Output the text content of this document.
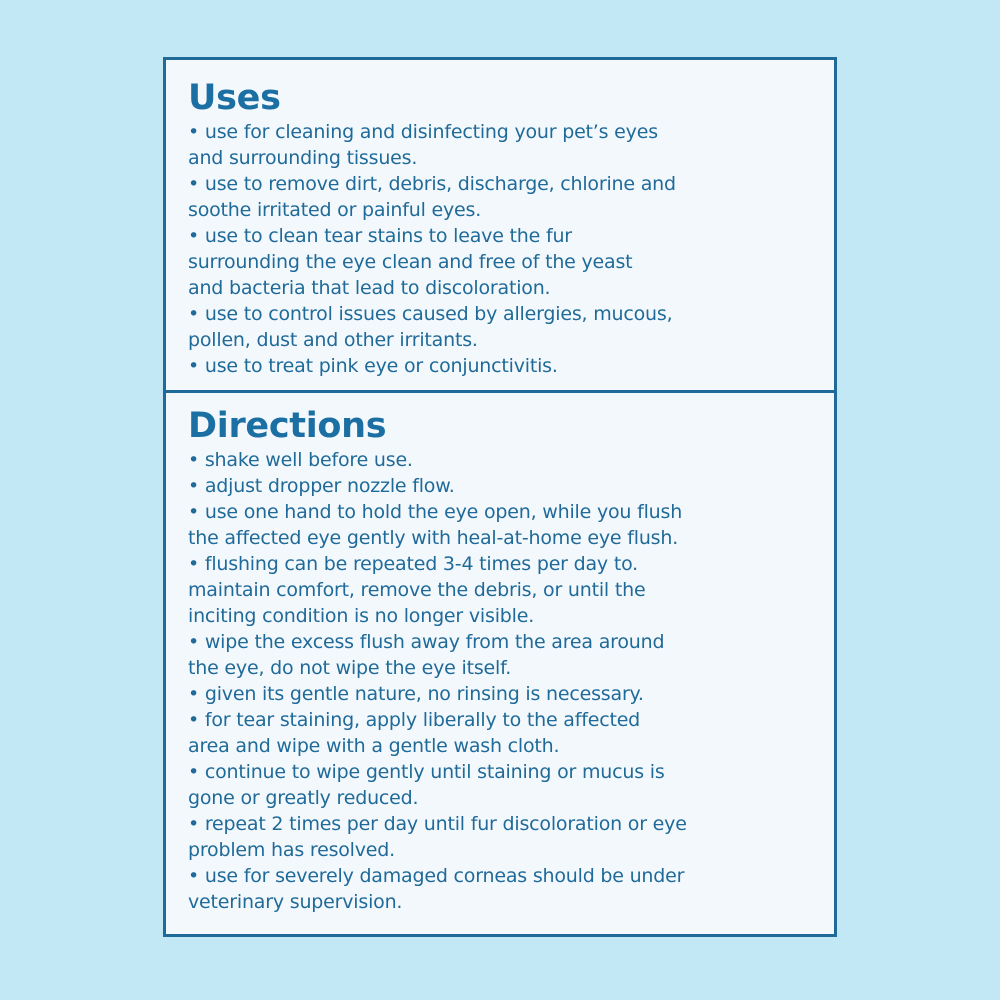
Uses
• use for cleaning and disinfecting your pet’s eyes
and surrounding tissues.
• use to remove dirt, debris, discharge, chlorine and
soothe irritated or painful eyes.
• use to clean tear stains to leave the fur
surrounding the eye clean and free of the yeast
and bacteria that lead to discoloration.
• use to control issues caused by allergies, mucous,
pollen, dust and other irritants.
• use to treat pink eye or conjunctivitis.
Directions
• shake well before use.
• adjust dropper nozzle flow.
• use one hand to hold the eye open, while you flush
the affected eye gently with heal-at-home eye flush.
• flushing can be repeated 3-4 times per day to.
maintain comfort, remove the debris, or until the
inciting condition is no longer visible.
• wipe the excess flush away from the area around
the eye, do not wipe the eye itself.
• given its gentle nature, no rinsing is necessary.
• for tear staining, apply liberally to the affected
area and wipe with a gentle wash cloth.
• continue to wipe gently until staining or mucus is
gone or greatly reduced.
• repeat 2 times per day until fur discoloration or eye
problem has resolved.
• use for severely damaged corneas should be under
veterinary supervision.
